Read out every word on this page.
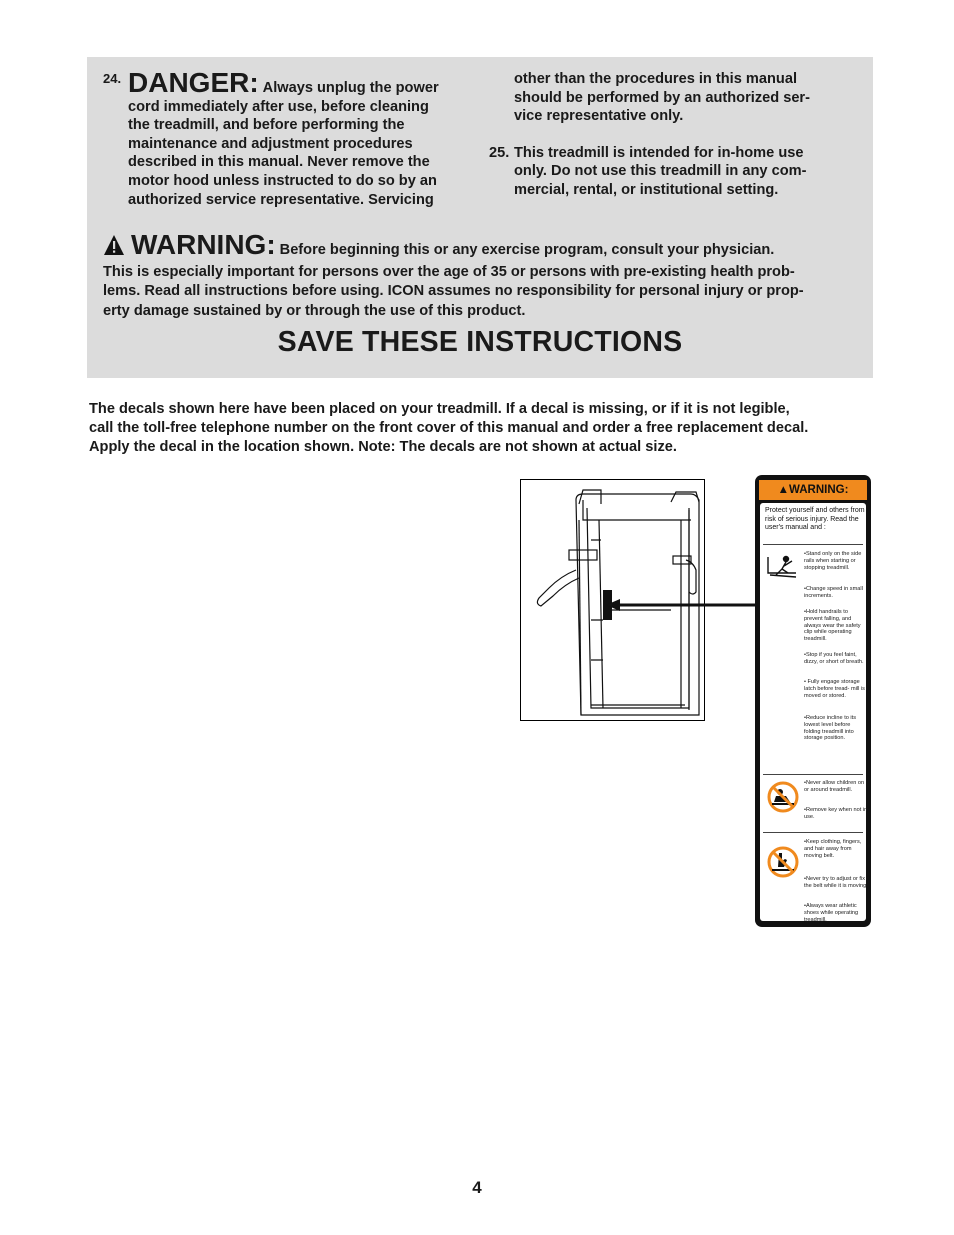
24. DANGER: Always unplug the power
cord immediately after use, before cleaning
the treadmill, and before performing the
maintenance and adjustment procedures
described in this manual. Never remove the
motor hood unless instructed to do so by an
authorized service representative. Servicing
other than the procedures in this manual
should be performed by an authorized ser-
vice representative only.
25. This treadmill is intended for in-home use
only. Do not use this treadmill in any com-
mercial, rental, or institutional setting.
WARNING: Before beginning this or any exercise program, consult your physician.
This is especially important for persons over the age of 35 or persons with pre-existing health prob-
lems. Read all instructions before using. ICON assumes no responsibility for personal injury or prop-
erty damage sustained by or through the use of this product.
SAVE THESE INSTRUCTIONS
The decals shown here have been placed on your treadmill. If a decal is missing, or if it is not legible,
call the toll-free telephone number on the front cover of this manual and order a free replacement decal.
Apply the decal in the location shown. Note: The decals are not shown at actual size.
▲WARNING:
Protect yourself and others from risk of serious injury. Read the user's manual and :
•Stand only on the side rails when starting or stopping treadmill.
•Change speed in small increments.
•Hold handrails to prevent falling, and always wear the safety clip while operating treadmill.
•Stop if you feel faint, dizzy, or short of breath.
• Fully engage storage latch before tread- mill is moved or stored.
•Reduce incline to its lowest level before folding treadmill into storage position.
•Never allow children on or around treadmill.
•Remove key when not in use.
•Keep clothing, fingers, and hair away from moving belt.
•Never try to adjust or fix the belt while it is moving.
•Always wear athletic shoes while operating treadmill.
4
